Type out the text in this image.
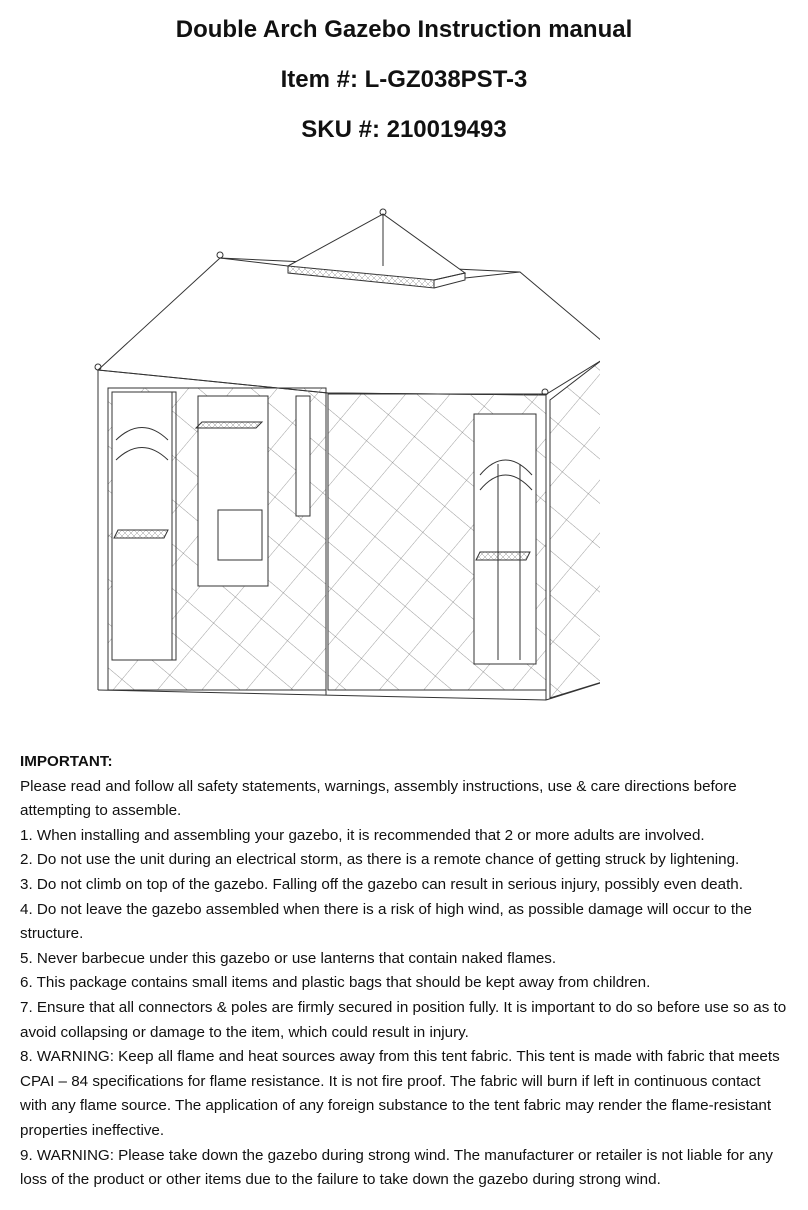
Double Arch Gazebo Instruction manual
Item #: L-GZ038PST-3
SKU #: 210019493

IMPORTANT:

Please read and follow all safety statements, warnings, assembly instructions, use & care directions before attempting to assemble.

1. When installing and assembling your gazebo, it is recommended that 2 or more adults are involved.

2. Do not use the unit during an electrical storm, as there is a remote chance of getting struck by lightening.

3. Do not climb on top of the gazebo. Falling off the gazebo can result in serious injury, possibly even death.

4. Do not leave the gazebo assembled when there is a risk of high wind, as possible damage will occur to the structure.

5. Never barbecue under this gazebo or use lanterns that contain naked flames.

6. This package contains small items and plastic bags that should be kept away from children.

7. Ensure that all connectors & poles are firmly secured in position fully. It is important to do so before use so as to avoid collapsing or damage to the item, which could result in injury.

8. WARNING: Keep all flame and heat sources away from this tent fabric. This tent is made with fabric that meets CPAI – 84 specifications for flame resistance. It is not fire proof. The fabric will burn if left in continuous contact with any flame source. The application of any foreign substance to the tent fabric may render the flame-resistant properties ineffective.

9. WARNING: Please take down the gazebo during strong wind. The manufacturer or retailer is not liable for any loss of the product or other items due to the failure to take down the gazebo during strong wind.
